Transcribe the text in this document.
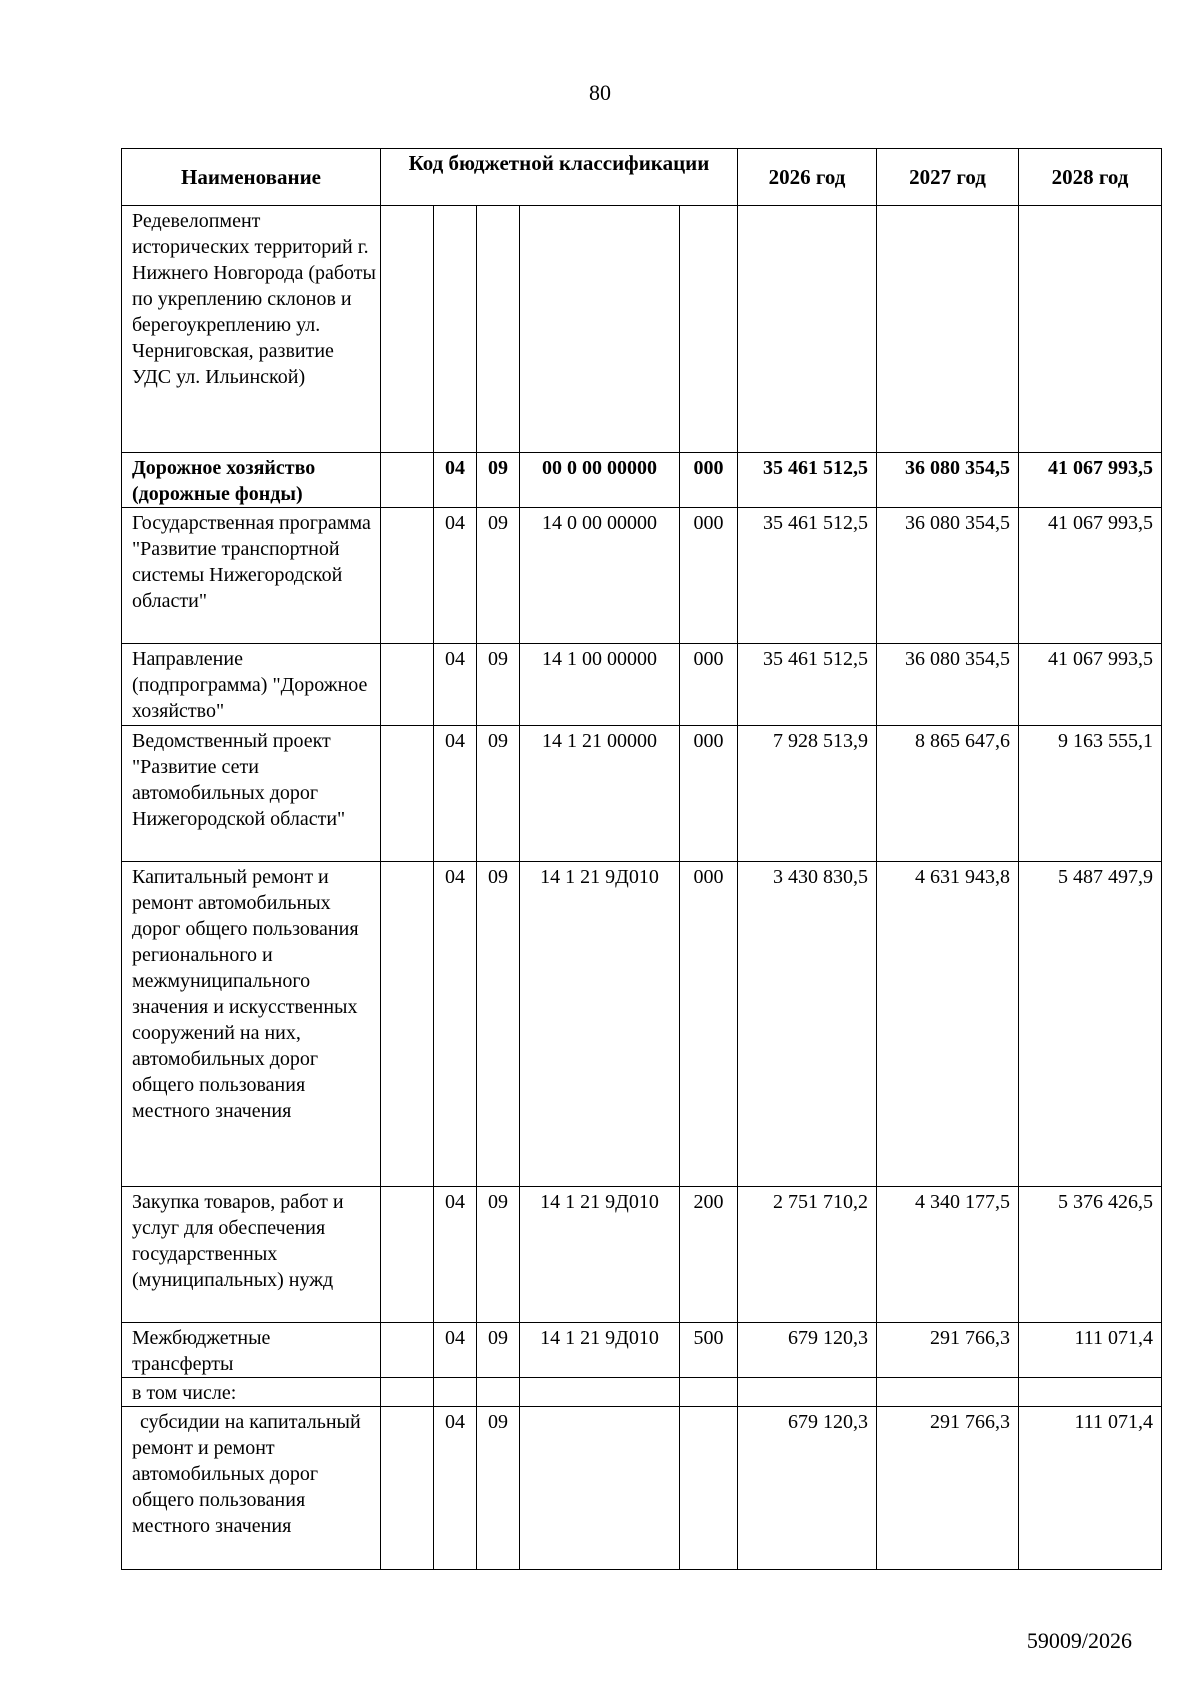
80
Наименование	Код бюджетной классификации					2026 год	2027 год	2028 год
Редевелопмент исторических территорий г. Нижнего Новгорода (работы по укреплению склонов и берегоукреплению ул. Черниговская, развитие УДС ул. Ильинской)								
Дорожное хозяйство (дорожные фонды)		04	09	00 0 00 00000	000	35 461 512,5	36 080 354,5	41 067 993,5
Государственная программа "Развитие транспортной системы Нижегородской области"		04	09	14 0 00 00000	000	35 461 512,5	36 080 354,5	41 067 993,5
Направление (подпрограмма) "Дорожное хозяйство"		04	09	14 1 00 00000	000	35 461 512,5	36 080 354,5	41 067 993,5
Ведомственный проект "Развитие сети автомобильных дорог Нижегородской области"		04	09	14 1 21 00000	000	7 928 513,9	8 865 647,6	9 163 555,1
Капитальный ремонт и ремонт автомобильных дорог общего пользования регионального и межмуниципального значения и искусственных сооружений на них, автомобильных дорог общего пользования местного значения		04	09	14 1 21 9Д010	000	3 430 830,5	4 631 943,8	5 487 497,9
Закупка товаров, работ и услуг для обеспечения государственных (муниципальных) нужд		04	09	14 1 21 9Д010	200	2 751 710,2	4 340 177,5	5 376 426,5
Межбюджетные трансферты		04	09	14 1 21 9Д010	500	679 120,3	291 766,3	111 071,4
в том числе:								
субсидии на капитальный ремонт и ремонт автомобильных дорог общего пользования местного значения		04	09			679 120,3	291 766,3	111 071,4
59009/2026
